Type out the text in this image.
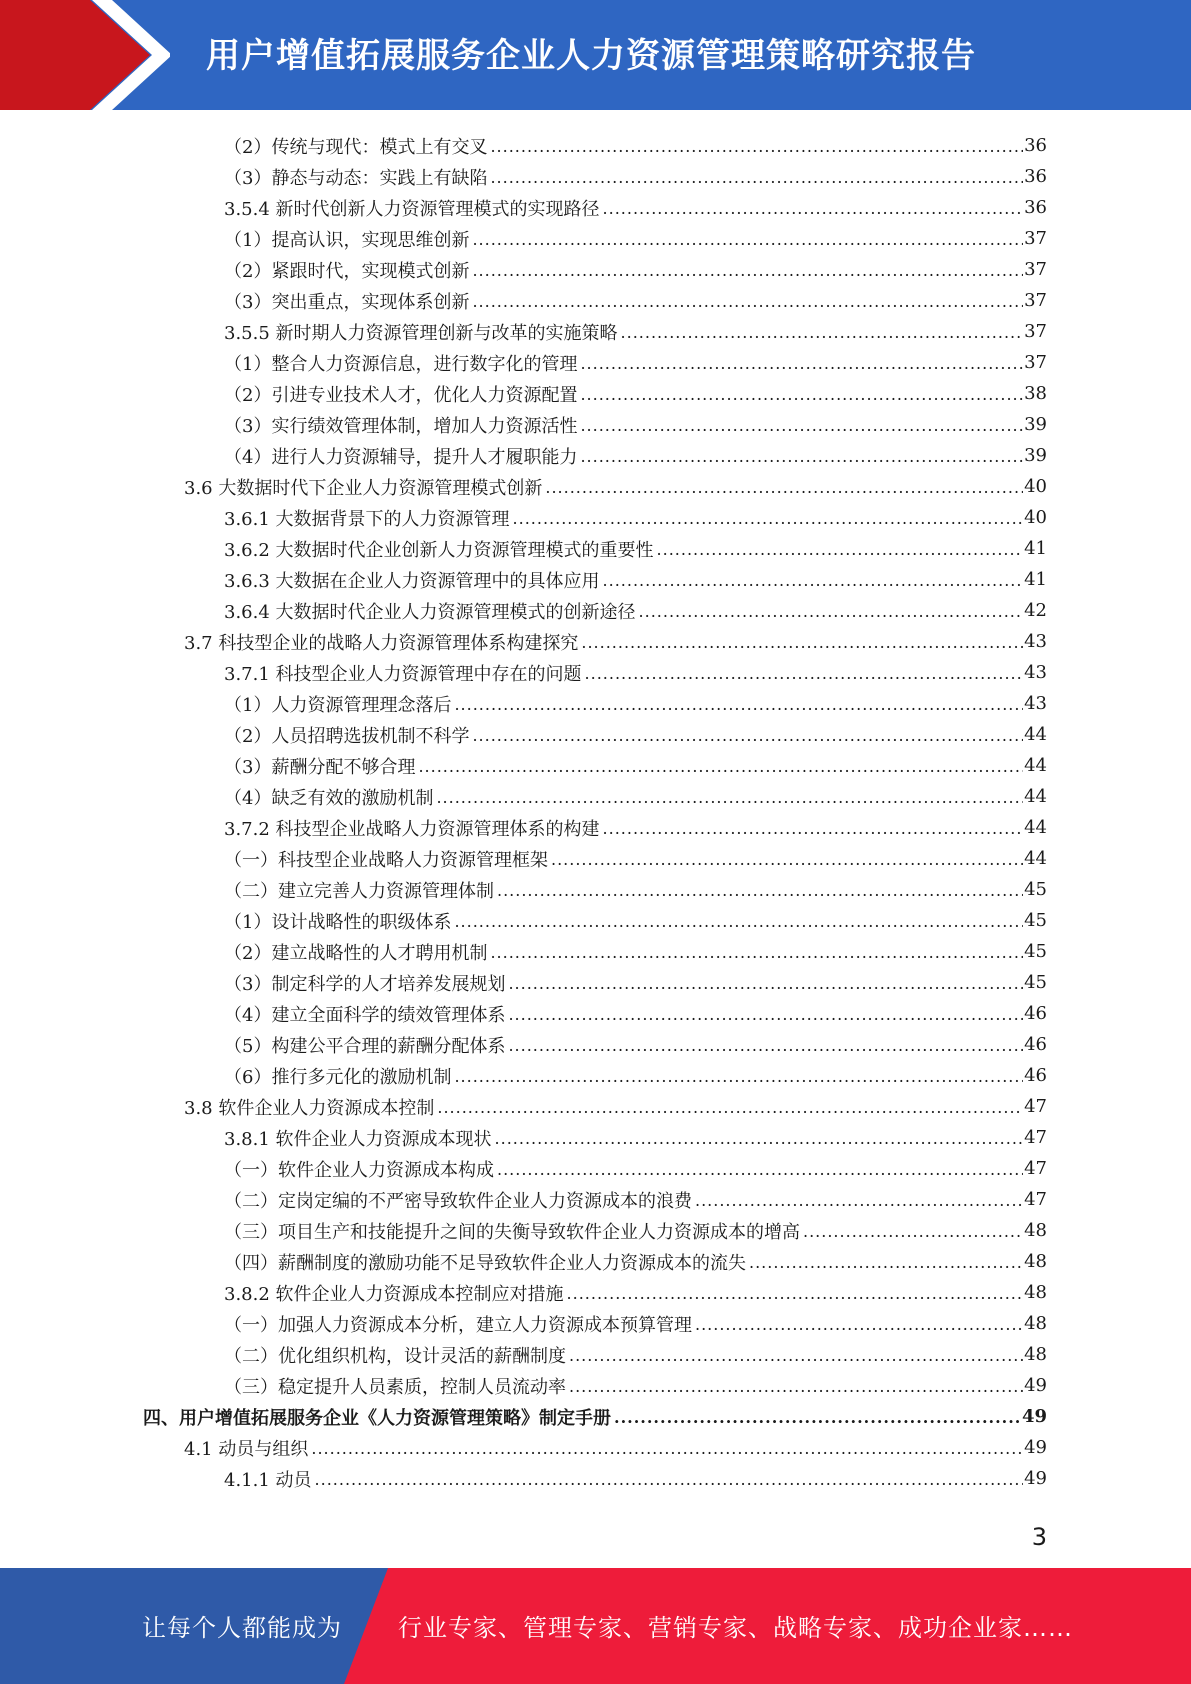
用户增值拓展服务企业人力资源管理策略研究报告
（2）传统与现代：模式上有交叉 .....	36
（3）静态与动态：实践上有缺陷 .....	36
3.5.4 新时代创新人力资源管理模式的实现路径 .....	36
（1）提高认识，实现思维创新 .....	37
（2）紧跟时代，实现模式创新 .....	37
（3）突出重点，实现体系创新 .....	37
3.5.5 新时期人力资源管理创新与改革的实施策略 .....	37
（1）整合人力资源信息，进行数字化的管理 .....	37
（2）引进专业技术人才，优化人力资源配置 .....	38
（3）实行绩效管理体制，增加人力资源活性 .....	39
（4）进行人力资源辅导，提升人才履职能力 .....	39
3.6 大数据时代下企业人力资源管理模式创新 .....	40
3.6.1 大数据背景下的人力资源管理 .....	40
3.6.2 大数据时代企业创新人力资源管理模式的重要性 .....	41
3.6.3 大数据在企业人力资源管理中的具体应用 .....	41
3.6.4 大数据时代企业人力资源管理模式的创新途径 .....	42
3.7 科技型企业的战略人力资源管理体系构建探究 .....	43
3.7.1 科技型企业人力资源管理中存在的问题 .....	43
（1）人力资源管理理念落后 .....	43
（2）人员招聘选拔机制不科学 .....	44
（3）薪酬分配不够合理 .....	44
（4）缺乏有效的激励机制 .....	44
3.7.2 科技型企业战略人力资源管理体系的构建 .....	44
（一）科技型企业战略人力资源管理框架 .....	44
（二）建立完善人力资源管理体制 .....	45
（1）设计战略性的职级体系 .....	45
（2）建立战略性的人才聘用机制 .....	45
（3）制定科学的人才培养发展规划 .....	45
（4）建立全面科学的绩效管理体系 .....	46
（5）构建公平合理的薪酬分配体系 .....	46
（6）推行多元化的激励机制 .....	46
3.8 软件企业人力资源成本控制 .....	47
3.8.1 软件企业人力资源成本现状 .....	47
（一）软件企业人力资源成本构成 .....	47
（二）定岗定编的不严密导致软件企业人力资源成本的浪费 .....	47
（三）项目生产和技能提升之间的失衡导致软件企业人力资源成本的增高 .....	48
（四）薪酬制度的激励功能不足导致软件企业人力资源成本的流失 .....	48
3.8.2 软件企业人力资源成本控制应对措施 .....	48
（一）加强人力资源成本分析，建立人力资源成本预算管理 .....	48
（二）优化组织机构，设计灵活的薪酬制度 .....	48
（三）稳定提升人员素质，控制人员流动率 .....	49
四、用户增值拓展服务企业《人力资源管理策略》制定手册 .....	49
4.1 动员与组织 .....	49
4.1.1 动员 .....	49
3
让每个人都能成为 行业专家、管理专家、营销专家、战略专家、成功企业家……
